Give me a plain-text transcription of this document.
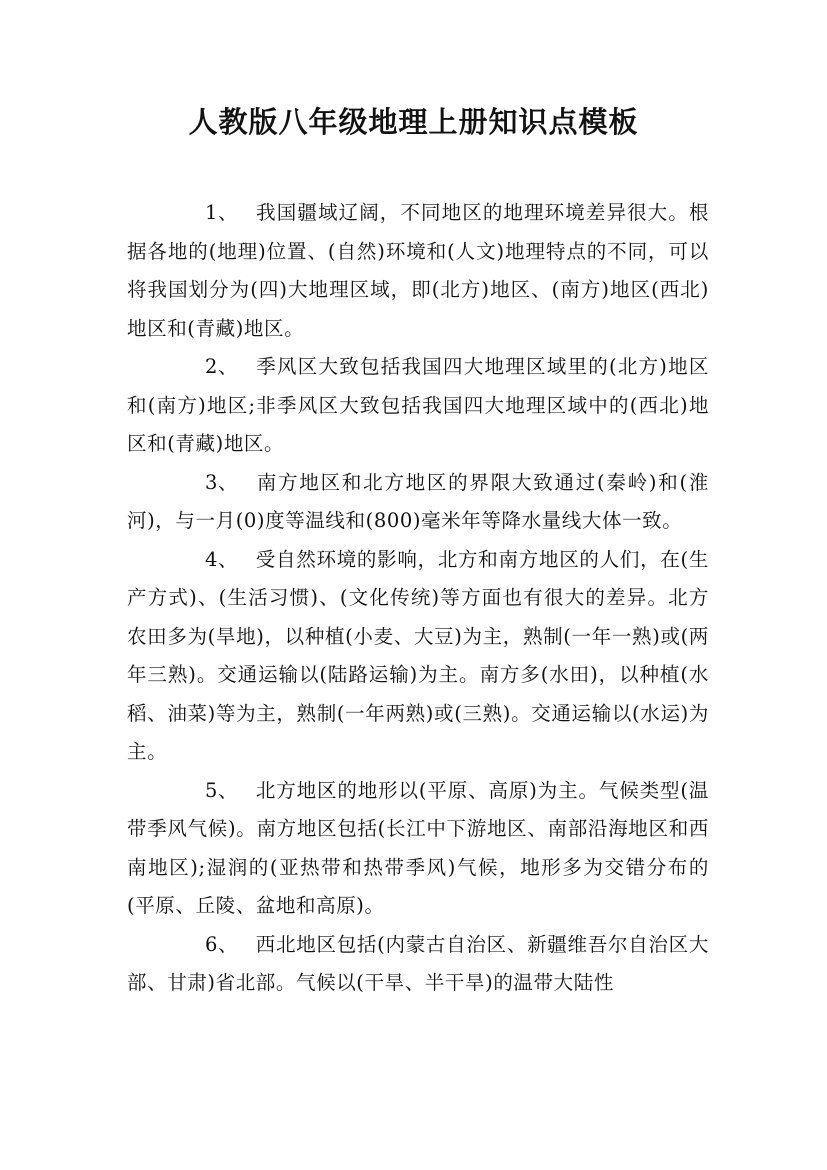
人教版八年级地理上册知识点模板

1、 我国疆域辽阔，不同地区的地理环境差异很大。根据各地的(地理)位置、(自然)环境和(人文)地理特点的不同，可以将我国划分为(四)大地理区域，即(北方)地区、(南方)地区(西北)地区和(青藏)地区。

2、 季风区大致包括我国四大地理区域里的(北方)地区和(南方)地区;非季风区大致包括我国四大地理区域中的(西北)地区和(青藏)地区。

3、 南方地区和北方地区的界限大致通过(秦岭)和(淮河)，与一月(0)度等温线和(800)毫米年等降水量线大体一致。

4、 受自然环境的影响，北方和南方地区的人们，在(生产方式)、(生活习惯)、(文化传统)等方面也有很大的差异。北方农田多为(旱地)，以种植(小麦、大豆)为主，熟制(一年一熟)或(两年三熟)。交通运输以(陆路运输)为主。南方多(水田)，以种植(水稻、油菜)等为主，熟制(一年两熟)或(三熟)。交通运输以(水运)为主。

5、 北方地区的地形以(平原、高原)为主。气候类型(温带季风气候)。南方地区包括(长江中下游地区、南部沿海地区和西南地区);湿润的(亚热带和热带季风)气候，地形多为交错分布的(平原、丘陵、盆地和高原)。

6、 西北地区包括(内蒙古自治区、新疆维吾尔自治区大部、甘肃)省北部。气候以(干旱、半干旱)的温带大陆性
